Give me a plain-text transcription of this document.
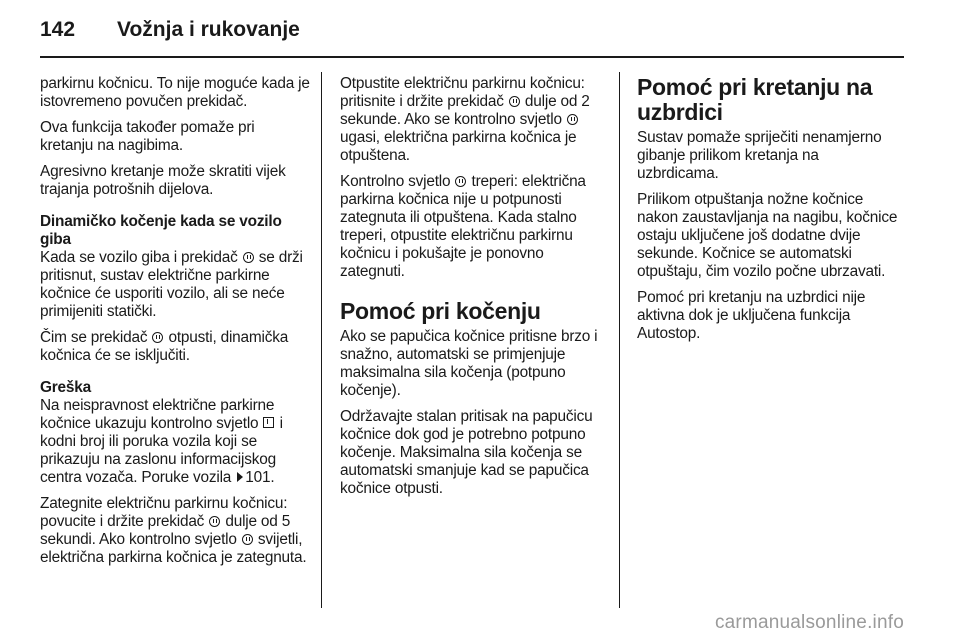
142 Vožnja i rukovanje

parkirnu kočnicu. To nije moguće kada je istovremeno povučen prekidač.

Ova funkcija također pomaže pri kretanju na nagibima.

Agresivno kretanje može skratiti vijek trajanja potrošnih dijelova.

Dinamičko kočenje kada se vozilo giba

Kada se vozilo giba i prekidač se drži pritisnut, sustav električne parkirne kočnice će usporiti vozilo, ali se neće primijeniti statički.

Čim se prekidač otpusti, dinamička kočnica će se isključiti.

Greška

Na neispravnost električne parkirne kočnice ukazuju kontrolno svjetlo i kodni broj ili poruka vozila koji se prikazuju na zaslonu informacijskog centra vozača. Poruke vozila 101.

Zategnite električnu parkirnu kočnicu: povucite i držite prekidač dulje od 5 sekundi. Ako kontrolno svjetlo svijetli, električna parkirna kočnica je zategnuta.

Otpustite električnu parkirnu kočnicu: pritisnite i držite prekidač dulje od 2 sekunde. Ako se kontrolno svjetlo  ugasi, električna parkirna kočnica je otpuštena.

Kontrolno svjetlo treperi: električna parkirna kočnica nije u potpunosti zategnuta ili otpuštena. Kada stalno treperi, otpustite električnu parkirnu kočnicu i pokušajte je ponovno zategnuti.

Pomoć pri kočenju

Ako se papučica kočnice pritisne brzo i snažno, automatski se primjenjuje maksimalna sila kočenja (potpuno kočenje).

Održavajte stalan pritisak na papučicu kočnice dok god je potrebno potpuno kočenje. Maksimalna sila kočenja se automatski smanjuje kad se papučica kočnice otpusti.

Pomoć pri kretanju na uzbrdici

Sustav pomaže spriječiti nenamjerno gibanje prilikom kretanja na uzbrdicama.

Prilikom otpuštanja nožne kočnice nakon zaustavljanja na nagibu, kočnice ostaju uključene još dodatne dvije sekunde. Kočnice se automatski otpuštaju, čim vozilo počne ubrzavati.

Pomoć pri kretanju na uzbrdici nije aktivna dok je uključena funkcija Autostop.

carmanualsonline.info
